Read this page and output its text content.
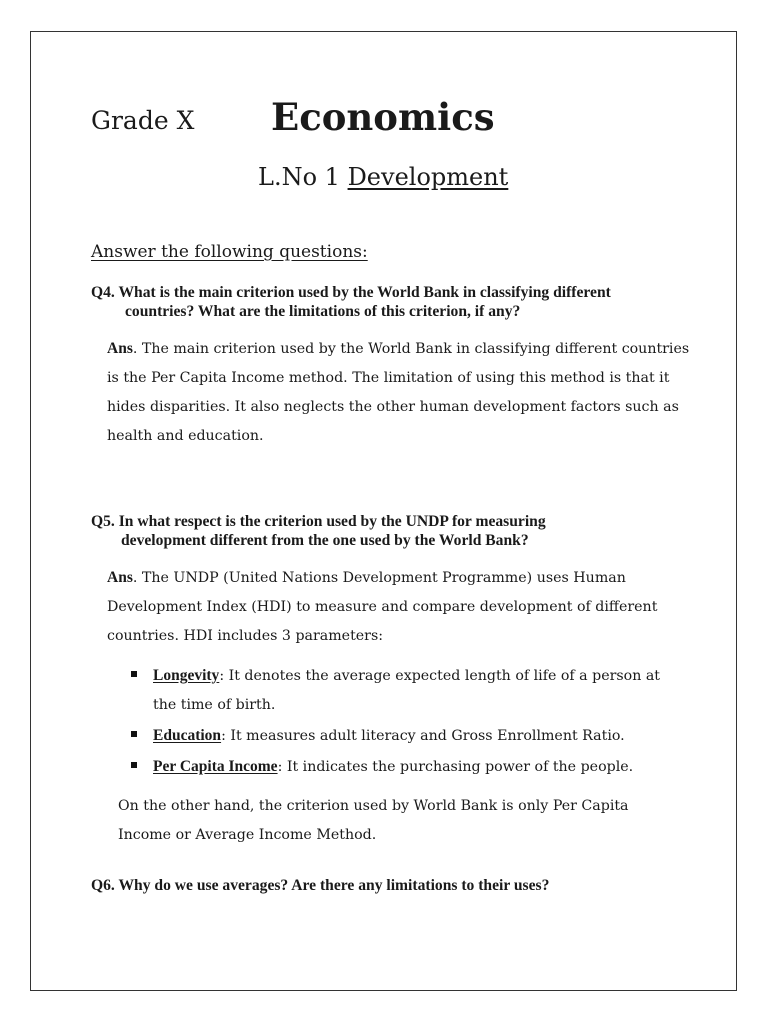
Grade X Economics
L.No 1 Development
Answer the following questions:
Q4. What is the main criterion used by the World Bank in classifying different
countries? What are the limitations of this criterion, if any?
Ans. The main criterion used by the World Bank in classifying different countries is the Per Capita Income method. The limitation of using this method is that it hides disparities. It also neglects the other human development factors such as health and education.
Q5. In what respect is the criterion used by the UNDP for measuring
development different from the one used by the World Bank?
Ans. The UNDP (United Nations Development Programme) uses Human Development Index (HDI) to measure and compare development of different countries. HDI includes 3 parameters:
Longevity: It denotes the average expected length of life of a person at the time of birth.
Education: It measures adult literacy and Gross Enrollment Ratio.
Per Capita Income: It indicates the purchasing power of the people.
On the other hand, the criterion used by World Bank is only Per Capita Income or Average Income Method.
Q6. Why do we use averages? Are there any limitations to their uses?
